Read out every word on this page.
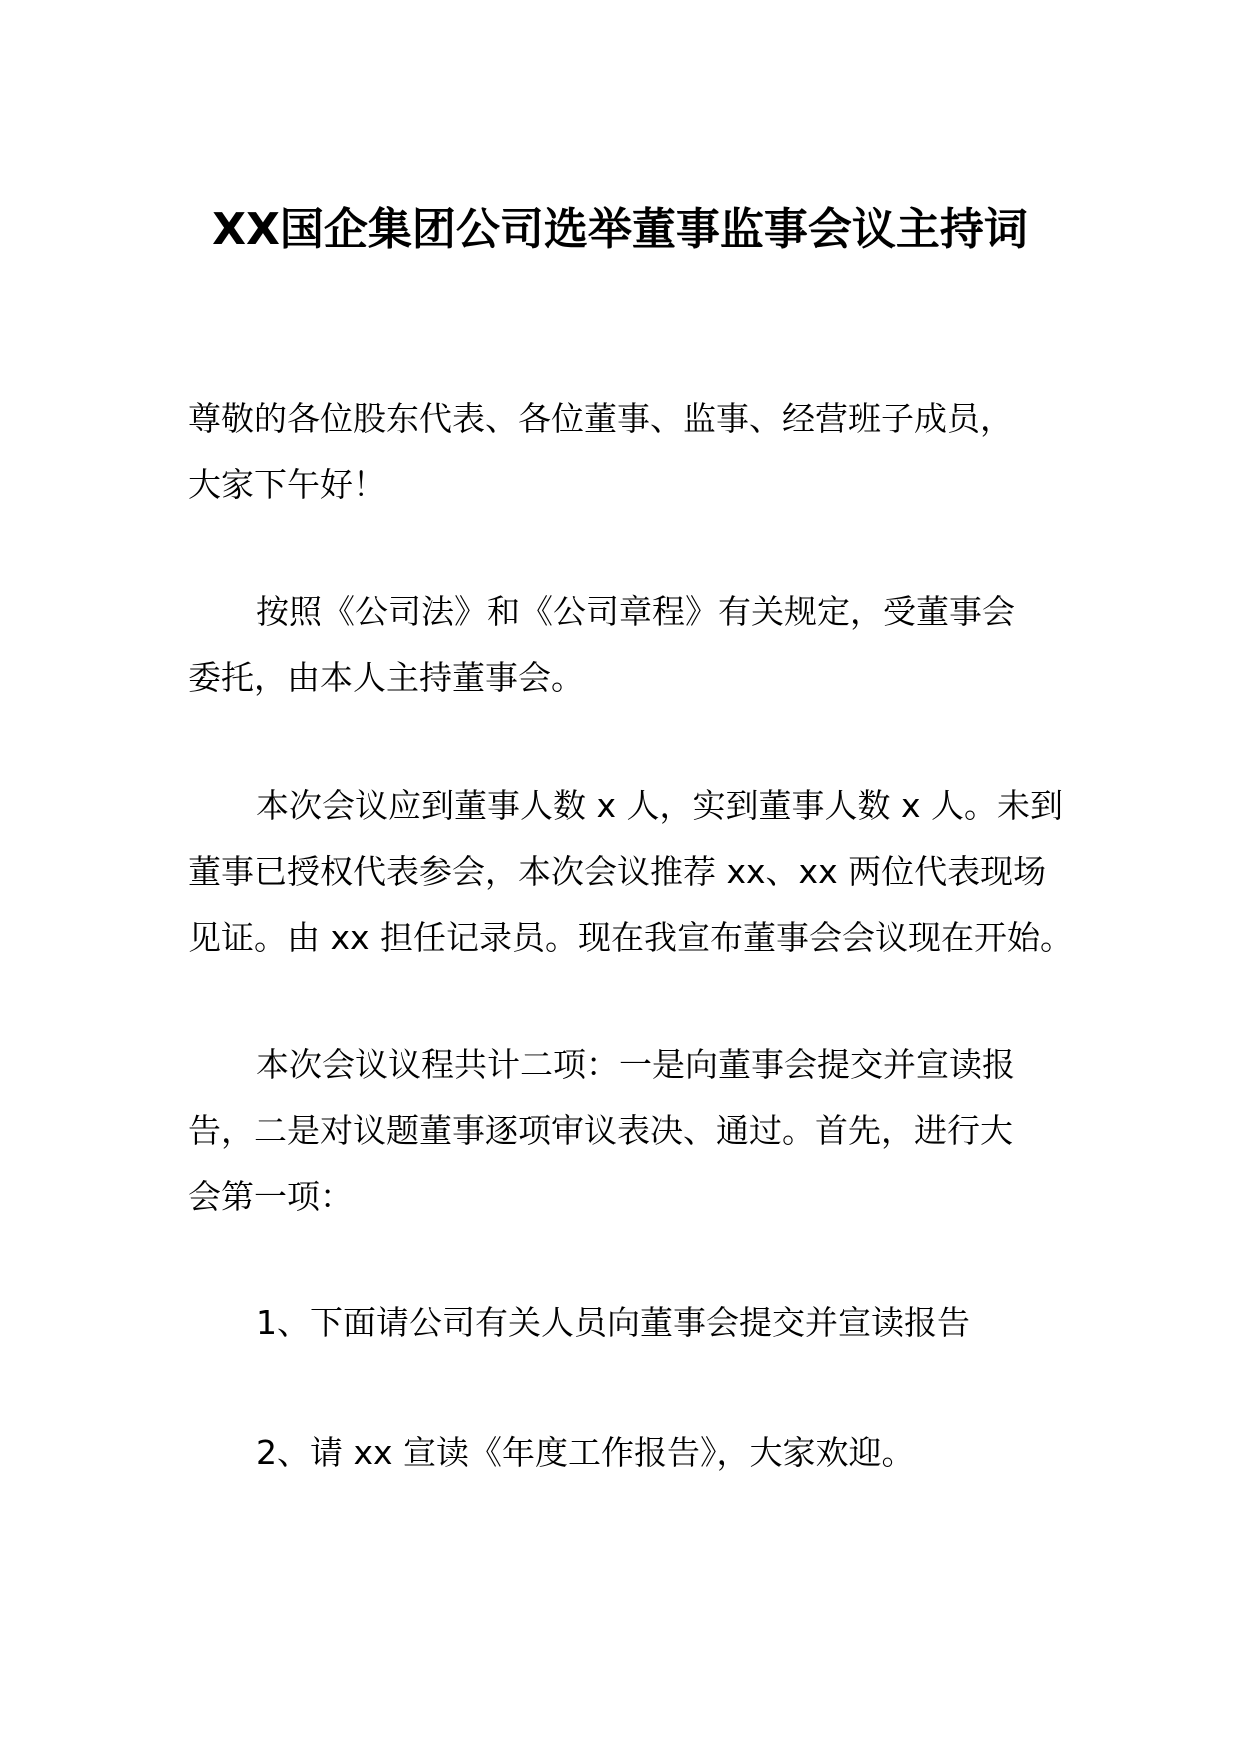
XX国企集团公司选举董事监事会议主持词
尊敬的各位股东代表、各位董事、监事、经营班子成员，
大家下午好！
按照《公司法》和《公司章程》有关规定，受董事会
委托，由本人主持董事会。
本次会议应到董事人数 x 人，实到董事人数 x 人。未到
董事已授权代表参会，本次会议推荐 xx、xx 两位代表现场
见证。由 xx 担任记录员。现在我宣布董事会会议现在开始。
本次会议议程共计二项：一是向董事会提交并宣读报
告，二是对议题董事逐项审议表决、通过。首先，进行大
会第一项：
1、下面请公司有关人员向董事会提交并宣读报告
2、请 xx 宣读《年度工作报告》，大家欢迎。
